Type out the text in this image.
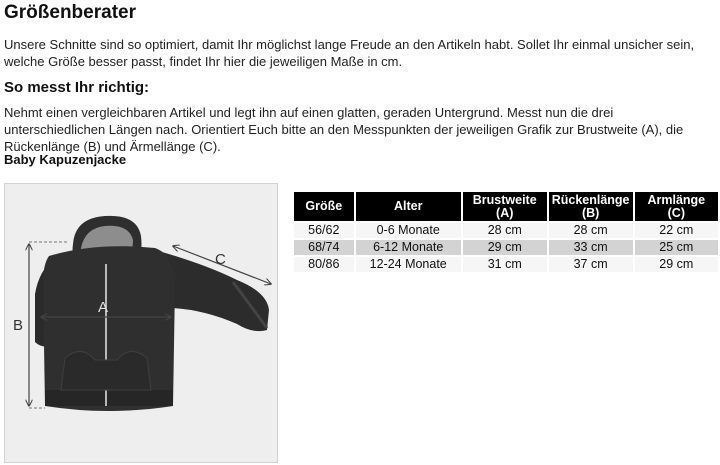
Größenberater

Unsere Schnitte sind so optimiert, damit Ihr möglichst lange Freude an den Artikeln habt. Sollet Ihr einmal unsicher sein, welche Größe besser passt, findet Ihr hier die jeweiligen Maße in cm.

So messt Ihr richtig:

Nehmt einen vergleichbaren Artikel und legt ihn auf einen glatten, geraden Untergrund. Messt nun die drei unterschiedlichen Längen nach. Orientiert Euch bitte an den Messpunkten der jeweiligen Grafik zur Brustweite (A), die Rückenlänge (B) und Ärmellänge (C).

Baby Kapuzenjacke
A
B
C
Größe	Alter	Brustweite (A)	Rückenlänge (B)	Armlänge (C)
56/62	0-6 Monate	28 cm	28 cm	22 cm
68/74	6-12 Monate	29 cm	33 cm	25 cm
80/86	12-24 Monate	31 cm	37 cm	29 cm
